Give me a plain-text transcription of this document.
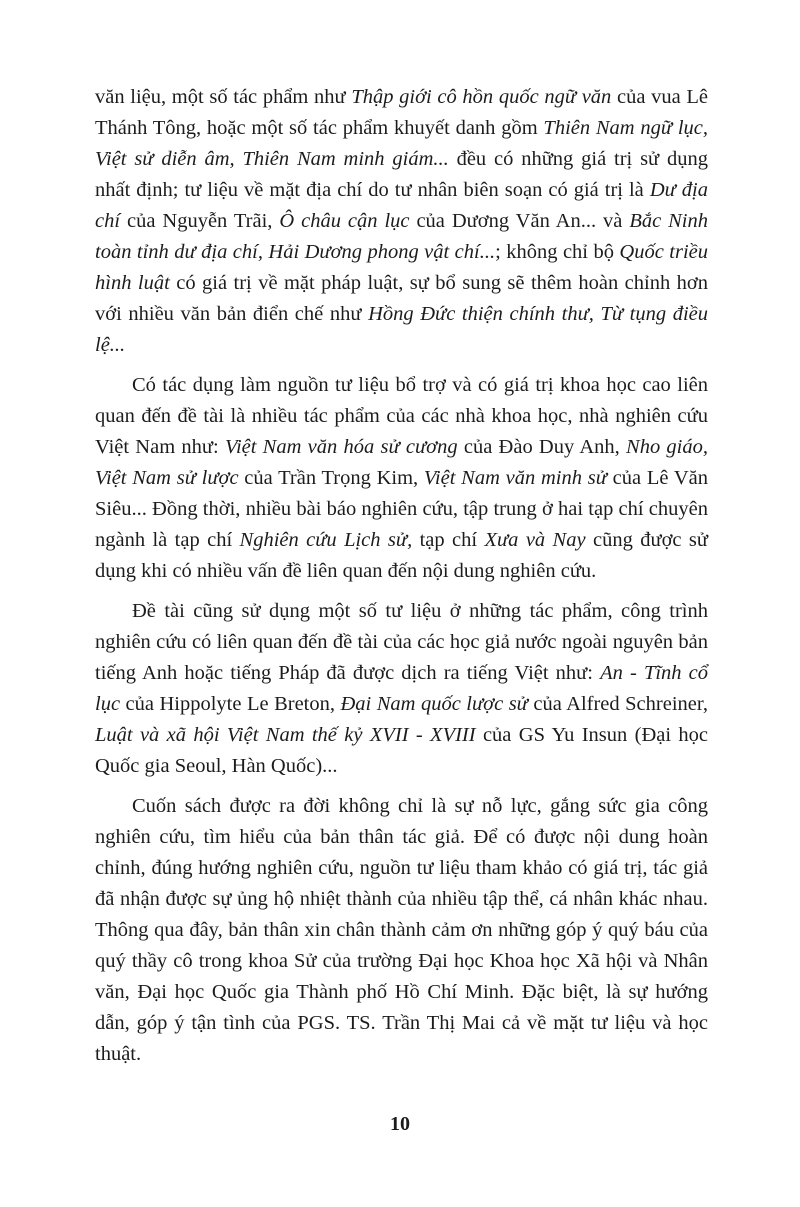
văn liệu, một số tác phẩm như Thập giới cô hồn quốc ngữ văn của vua Lê Thánh Tông, hoặc một số tác phẩm khuyết danh gồm Thiên Nam ngữ lục, Việt sử diễn âm, Thiên Nam minh giám... đều có những giá trị sử dụng nhất định; tư liệu về mặt địa chí do tư nhân biên soạn có giá trị là Dư địa chí của Nguyễn Trãi, Ô châu cận lục của Dương Văn An... và Bắc Ninh toàn tỉnh dư địa chí, Hải Dương phong vật chí...; không chỉ bộ Quốc triều hình luật có giá trị về mặt pháp luật, sự bổ sung sẽ thêm hoàn chỉnh hơn với nhiều văn bản điển chế như Hồng Đức thiện chính thư, Từ tụng điều lệ...

Có tác dụng làm nguồn tư liệu bổ trợ và có giá trị khoa học cao liên quan đến đề tài là nhiều tác phẩm của các nhà khoa học, nhà nghiên cứu Việt Nam như: Việt Nam văn hóa sử cương của Đào Duy Anh, Nho giáo, Việt Nam sử lược của Trần Trọng Kim, Việt Nam văn minh sử của Lê Văn Siêu... Đồng thời, nhiều bài báo nghiên cứu, tập trung ở hai tạp chí chuyên ngành là tạp chí Nghiên cứu Lịch sử, tạp chí Xưa và Nay cũng được sử dụng khi có nhiều vấn đề liên quan đến nội dung nghiên cứu.

Đề tài cũng sử dụng một số tư liệu ở những tác phẩm, công trình nghiên cứu có liên quan đến đề tài của các học giả nước ngoài nguyên bản tiếng Anh hoặc tiếng Pháp đã được dịch ra tiếng Việt như: An - Tĩnh cổ lục của Hippolyte Le Breton, Đại Nam quốc lược sử của Alfred Schreiner, Luật và xã hội Việt Nam thế kỷ XVII - XVIII của GS Yu Insun (Đại học Quốc gia Seoul, Hàn Quốc)...

Cuốn sách được ra đời không chỉ là sự nỗ lực, gắng sức gia công nghiên cứu, tìm hiểu của bản thân tác giả. Để có được nội dung hoàn chỉnh, đúng hướng nghiên cứu, nguồn tư liệu tham khảo có giá trị, tác giả đã nhận được sự ủng hộ nhiệt thành của nhiều tập thể, cá nhân khác nhau. Thông qua đây, bản thân xin chân thành cảm ơn những góp ý quý báu của quý thầy cô trong khoa Sử của trường Đại học Khoa học Xã hội và Nhân văn, Đại học Quốc gia Thành phố Hồ Chí Minh. Đặc biệt, là sự hướng dẫn, góp ý tận tình của PGS. TS. Trần Thị Mai cả về mặt tư liệu và học thuật.

10
